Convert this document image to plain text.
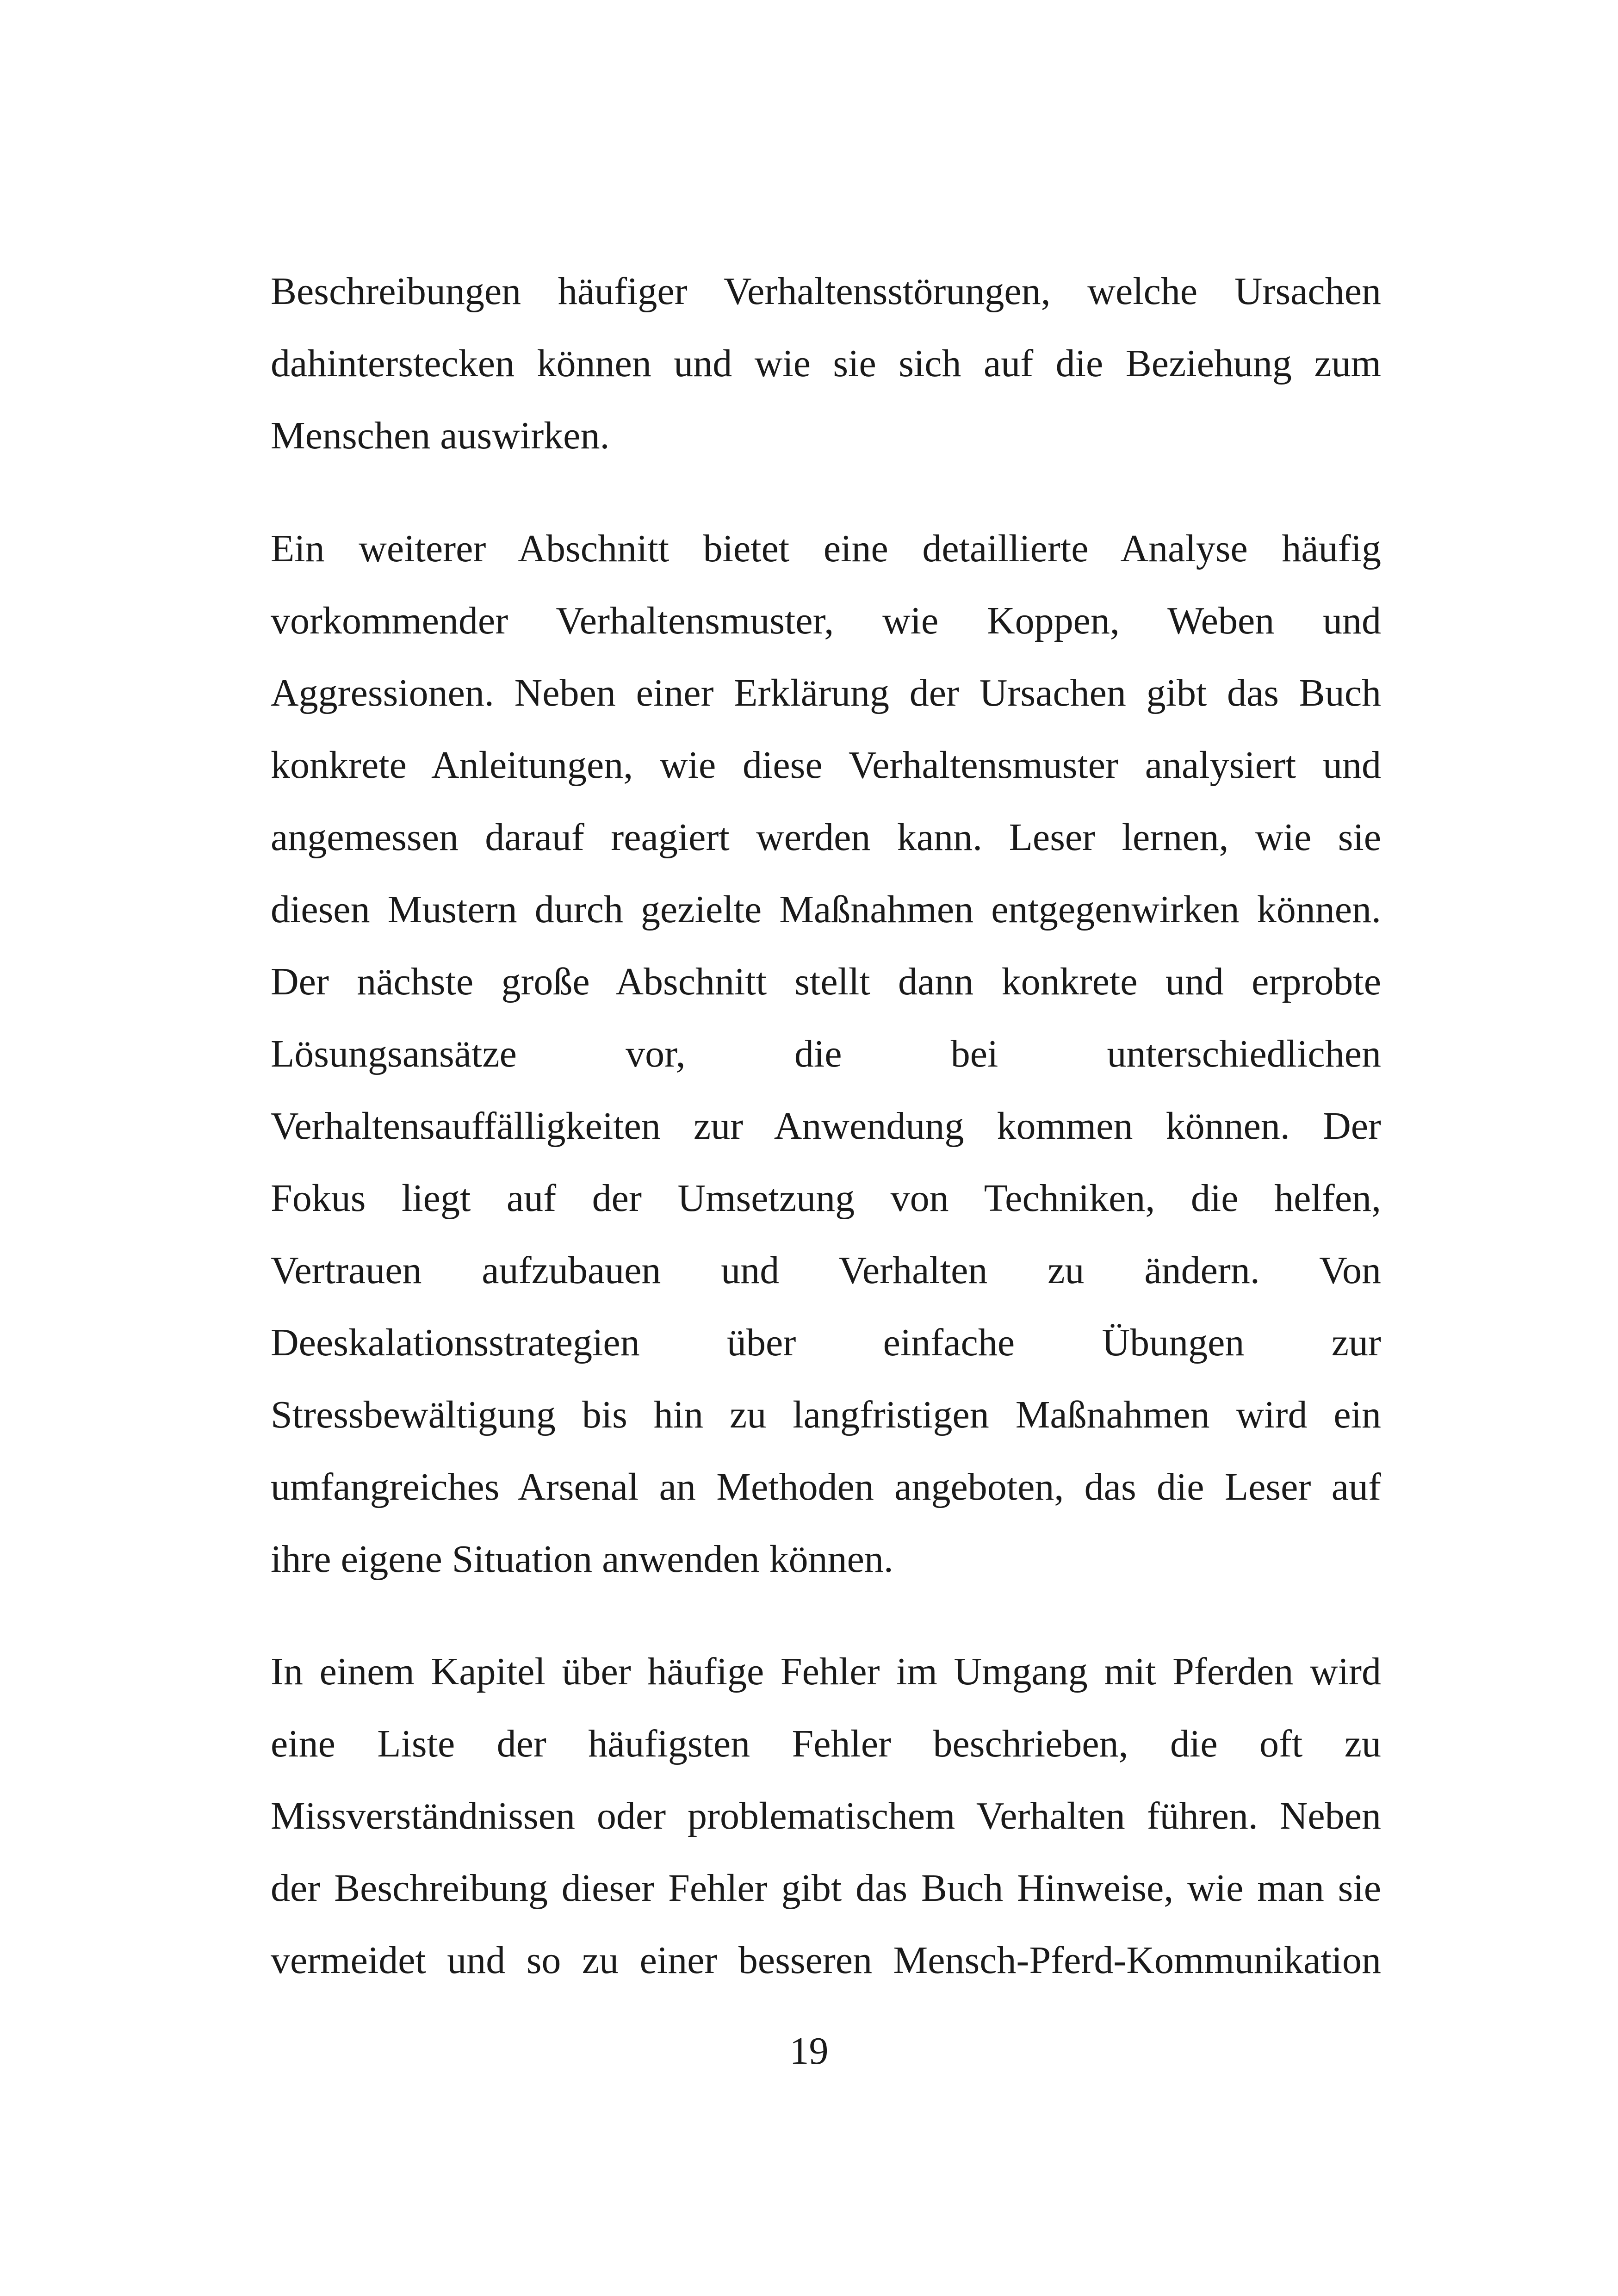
Beschreibungen häufiger Verhaltensstörungen, welche Ursachen
dahinterstecken können und wie sie sich auf die Beziehung zum
Menschen auswirken.
Ein weiterer Abschnitt bietet eine detaillierte Analyse häufig
vorkommender Verhaltensmuster, wie Koppen, Weben und
Aggressionen. Neben einer Erklärung der Ursachen gibt das Buch
konkrete Anleitungen, wie diese Verhaltensmuster analysiert und
angemessen darauf reagiert werden kann. Leser lernen, wie sie
diesen Mustern durch gezielte Maßnahmen entgegenwirken können.
Der nächste große Abschnitt stellt dann konkrete und erprobte
Lösungsansätze vor, die bei unterschiedlichen
Verhaltensauffälligkeiten zur Anwendung kommen können. Der
Fokus liegt auf der Umsetzung von Techniken, die helfen,
Vertrauen aufzubauen und Verhalten zu ändern. Von
Deeskalationsstrategien über einfache Übungen zur
Stressbewältigung bis hin zu langfristigen Maßnahmen wird ein
umfangreiches Arsenal an Methoden angeboten, das die Leser auf
ihre eigene Situation anwenden können.
In einem Kapitel über häufige Fehler im Umgang mit Pferden wird
eine Liste der häufigsten Fehler beschrieben, die oft zu
Missverständnissen oder problematischem Verhalten führen. Neben
der Beschreibung dieser Fehler gibt das Buch Hinweise, wie man sie
vermeidet und so zu einer besseren Mensch-Pferd-Kommunikation
19
